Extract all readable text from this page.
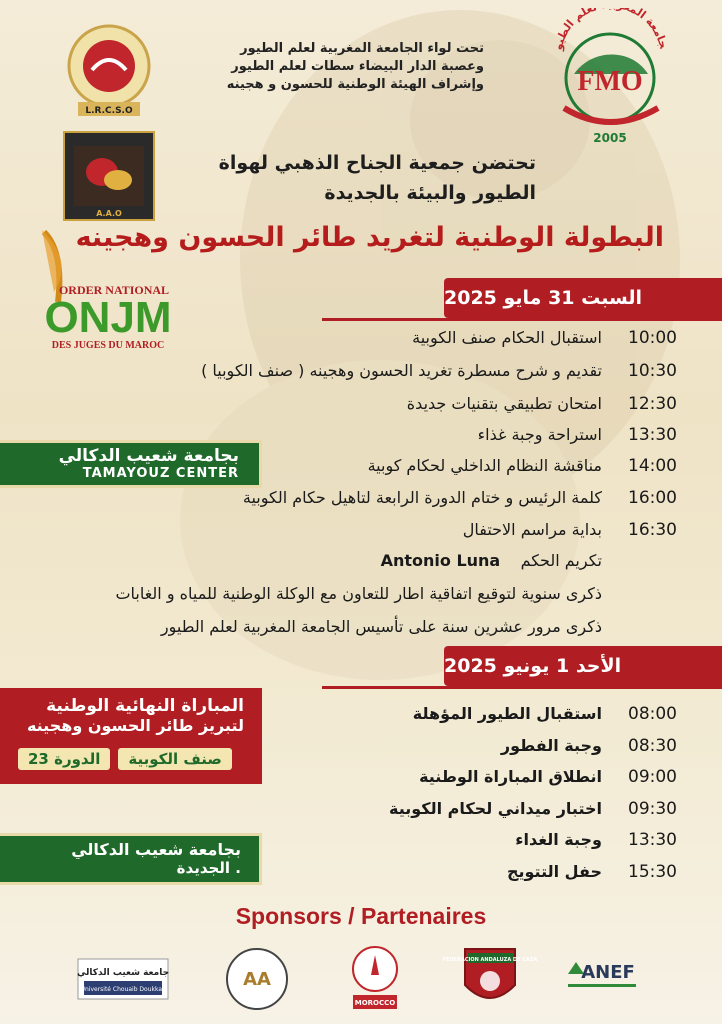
جامعة الم علم الطيو
FMO
2005
L.R.C.S.O
A.A.O
ORDER NATIONAL
ONJM
DES JUGES DU MAROC
تحت لواء الجامعة المغربية لعلم الطيور
وعصبة الدار البيضاء سطات لعلم الطيور
وإشراف الهيئة الوطنية للحسون و هجينه
تحتضن جمعية الجناح الذهبي لهواة
الطيور والبيئة بالجديدة
البطولة الوطنية لتغريد طائر الحسون وهجينه
السبت 31 مايو 2025
10:00
استقبال الحكام صنف الكوبية
10:30
تقديم و شرح مسطرة تغريد الحسون وهجينه ( صنف الكوبيا )
12:30
امتحان تطبيقي بتقنيات جديدة
13:30
استراحة وجبة غذاء
14:00
مناقشة النظام الداخلي لحكام كوبية
16:00
كلمة الرئيس و ختام الدورة الرابعة لتاهيل حكام الكوبية
16:30
بداية مراسم الاحتفال
تكريم الحكم    Antonio Luna
ذكرى سنوية لتوقيع اتفاقية اطار للتعاون مع الوكلة الوطنية للمياه و الغابات
ذكرى مرور عشرين سنة على تأسيس الجامعة المغربية لعلم الطيور
بجامعة شعيب الدكالي
TAMAYOUZ CENTER
الأحد 1 يونيو 2025
08:00
استقبال الطيور المؤهلة
08:30
وجبة الفطور
09:00
انطلاق المباراة الوطنية
09:30
اختبار ميداني لحكام الكوبية
13:30
وجبة الغداء
15:30
حفل التتويج
المباراة النهائية الوطنية
لتبريز طائر الحسون وهجينه
صنف الكوبية
الدورة 23
بجامعة شعيب الدكالي
. الجديدة
Sponsors / Partenaires
جامعة شعيب الدكالي
Université Chouaib Doukkali	AA
MOROCCO
FEDERACION ANDALUZA DE CAZA
ANEF
